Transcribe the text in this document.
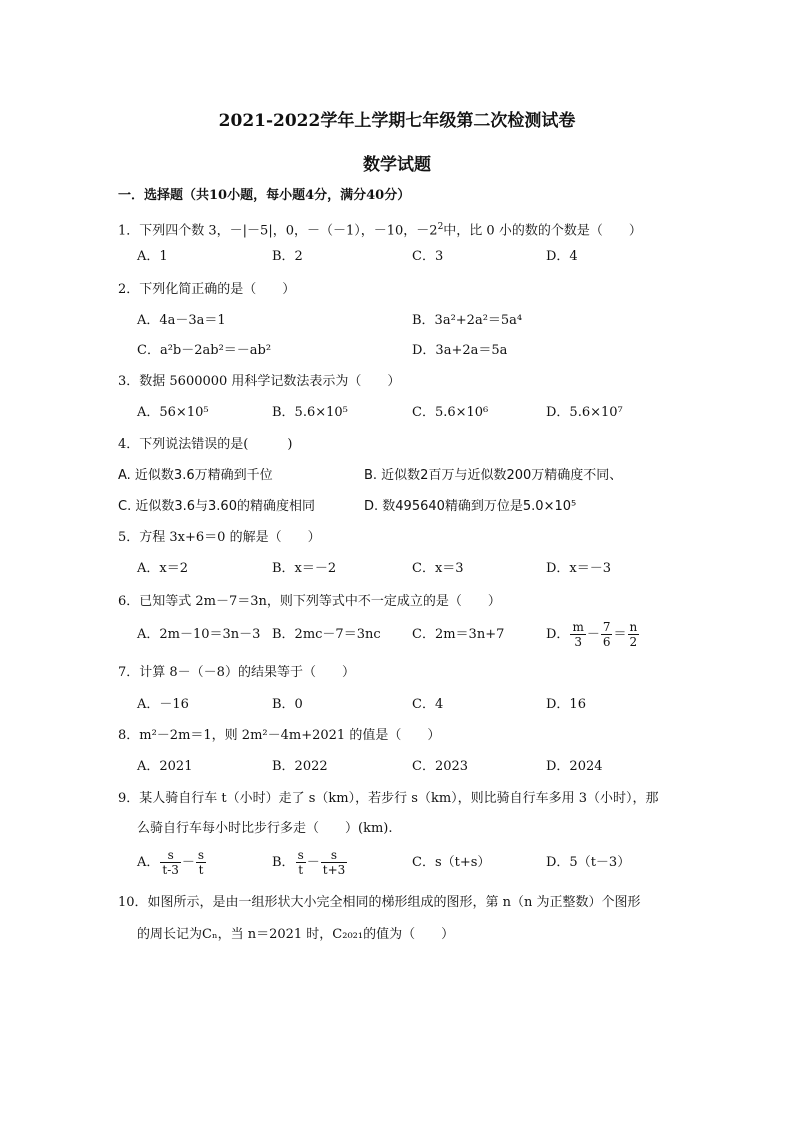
2021-2022学年上学期七年级第二次检测试卷
数学试题
一．选择题（共10小题，每小题4分，满分40分）
1．下列四个数 3，－|－5|，0，－（－1），－10，$-2^2$中，比 0 小的数的个数是（　　）
A．1	B．2	C．3	D．4
2．下列化简正确的是（　　）
A．4a－3a＝1	B．3a²+2a²＝5a⁴
C．a²b－2ab²＝－ab²	D．3a+2a＝5a
3．数据 5600000 用科学记数法表示为（　　）
A．56×10⁵	B．5.6×10⁵	C．5.6×10⁶	D．5.6×10⁷
4．下列说法错误的是(　　　)
A. 近似数3.6万精确到千位	B. 近似数2百万与近似数200万精确度不同、
C. 近似数3.6与3.60的精确度相同	D. 数495640精确到万位是5.0×10⁵
5．方程 3x+6＝0 的解是（　　）
A．x＝2	B．x＝－2	C．x＝3	D．x＝－3
6．已知等式 2m－7＝3n，则下列等式中不一定成立的是（　　）
A．2m－10＝3n－3 B．2mc－7＝3nc C．2m＝3n+7	D． $\frac{m}{3} - \frac{7}{6} = \frac{n}{2}$
7．计算 8－（－8）的结果等于（　　）
A．－16	B．0	C．4	D．16
8．m²－2m＝1，则 2m²－4m+2021 的值是（　　）
A．2021	B．2022	C．2023	D．2024
9．某人骑自行车 t（小时）走了 s（km），若步行 s（km），则比骑自行车多用 3（小时），那
么骑自行车每小时比步行多走（　　）(km).
A． $\frac{s}{t-3} - \frac{s}{t}$	B． $\frac{s}{t} - \frac{s}{t+3}$	C．s（t+s）	D．5（t－3）
10．如图所示，是由一组形状大小完全相同的梯形组成的图形，第 n（n 为正整数）个图形
的周长记为Cₙ，当 n＝2021 时，C₂₀₂₁的值为（　　）
